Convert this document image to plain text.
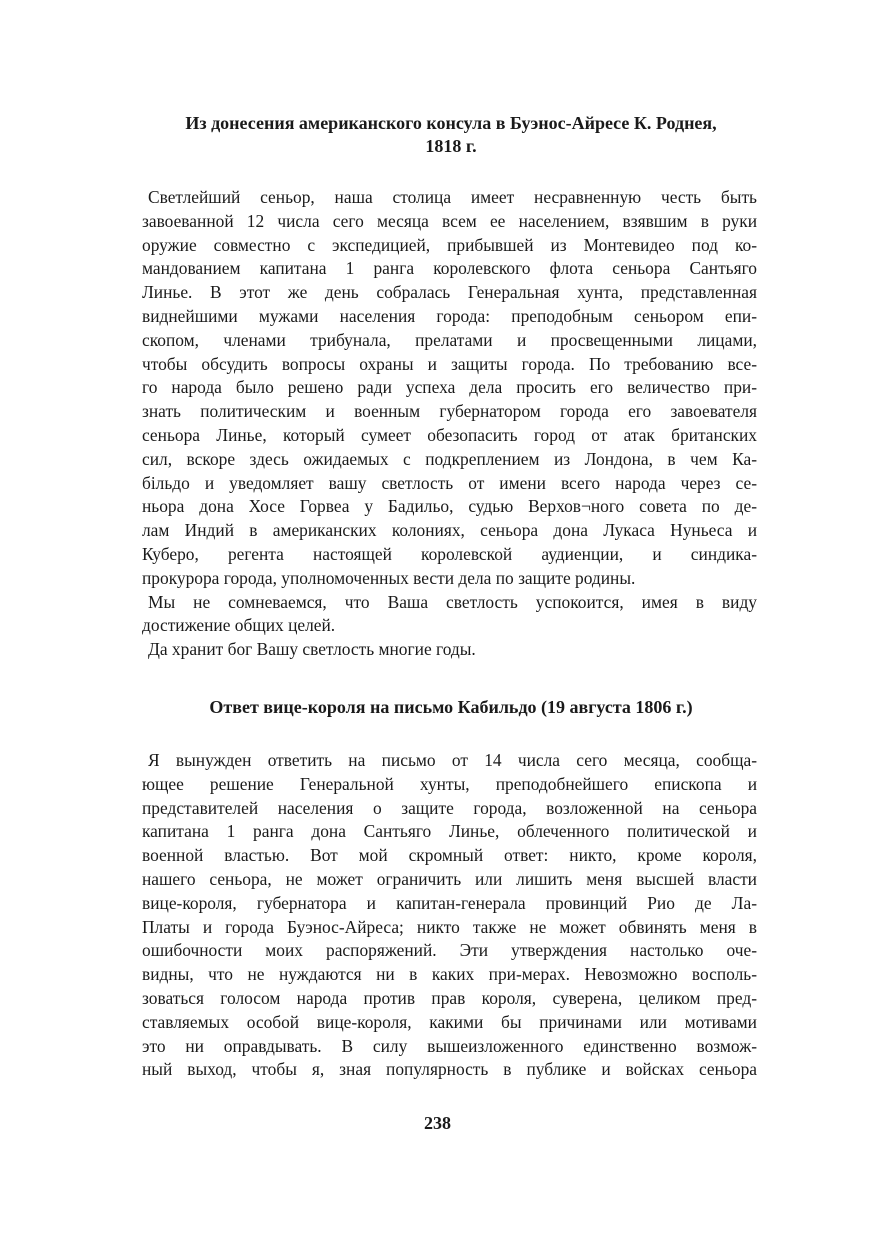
Из донесения американского консула в Буэнос-Айресе К. Роднея,
1818 г.
Светлейший сеньор, наша столица имеет несравненную честь быть
завоеванной 12 числа сего месяца всем ее населением, взявшим в руки
оружие совместно с экспедицией, прибывшей из Монтевидео под ко-
мандованием капитана 1 ранга королевского флота сеньора Сантьяго
Линье. В этот же день собралась Генеральная хунта, представленная
виднейшими мужами населения города: преподобным сеньором епи-
скопом, членами трибунала, прелатами и просвещенными лицами,
чтобы обсудить вопросы охраны и защиты города. По требованию все-
го народа было решено ради успеха дела просить его величество при-
знать политическим и военным губернатором города его завоевателя
сеньора Линье, который сумеет обезопасить город от атак британских
сил, вскоре здесь ожидаемых с подкреплением из Лондона, в чем Ка-
більдо и уведомляет вашу светлость от имени всего народа через се-
ньора дона Хосе Горвеа у Бадильо, судью Верхов¬ного совета по де-
лам Индий в американских колониях, сеньора дона Лукаса Нуньеса и
Куберо, регента настоящей королевской аудиенции, и синдика-
прокурора города, уполномоченных вести дела по защите родины.
Мы не сомневаемся, что Ваша светлость успокоится, имея в виду
достижение общих целей.
Да хранит бог Вашу светлость многие годы.
Ответ вице-короля на письмо Кабильдо (19 августа 1806 г.)
Я вынужден ответить на письмо от 14 числа сего месяца, сообща-
ющее решение Генеральной хунты, преподобнейшего епископа и
представителей населения о защите города, возложенной на сеньора
капитана 1 ранга дона Сантьяго Линье, облеченного политической и
военной властью. Вот мой скромный ответ: никто, кроме короля,
нашего сеньора, не может ограничить или лишить меня высшей власти
вице-короля, губернатора и капитан-генерала провинций Рио де Ла-
Платы и города Буэнос-Айреса; никто также не может обвинять меня в
ошибочности моих распоряжений. Эти утверждения настолько оче-
видны, что не нуждаются ни в каких при-мерах. Невозможно восполь-
зоваться голосом народа против прав короля, суверена, целиком пред-
ставляемых особой вице-короля, какими бы причинами или мотивами
это ни оправдывать. В силу вышеизложенного единственно возмож-
ный выход, чтобы я, зная популярность в публике и войсках сеньора
238
